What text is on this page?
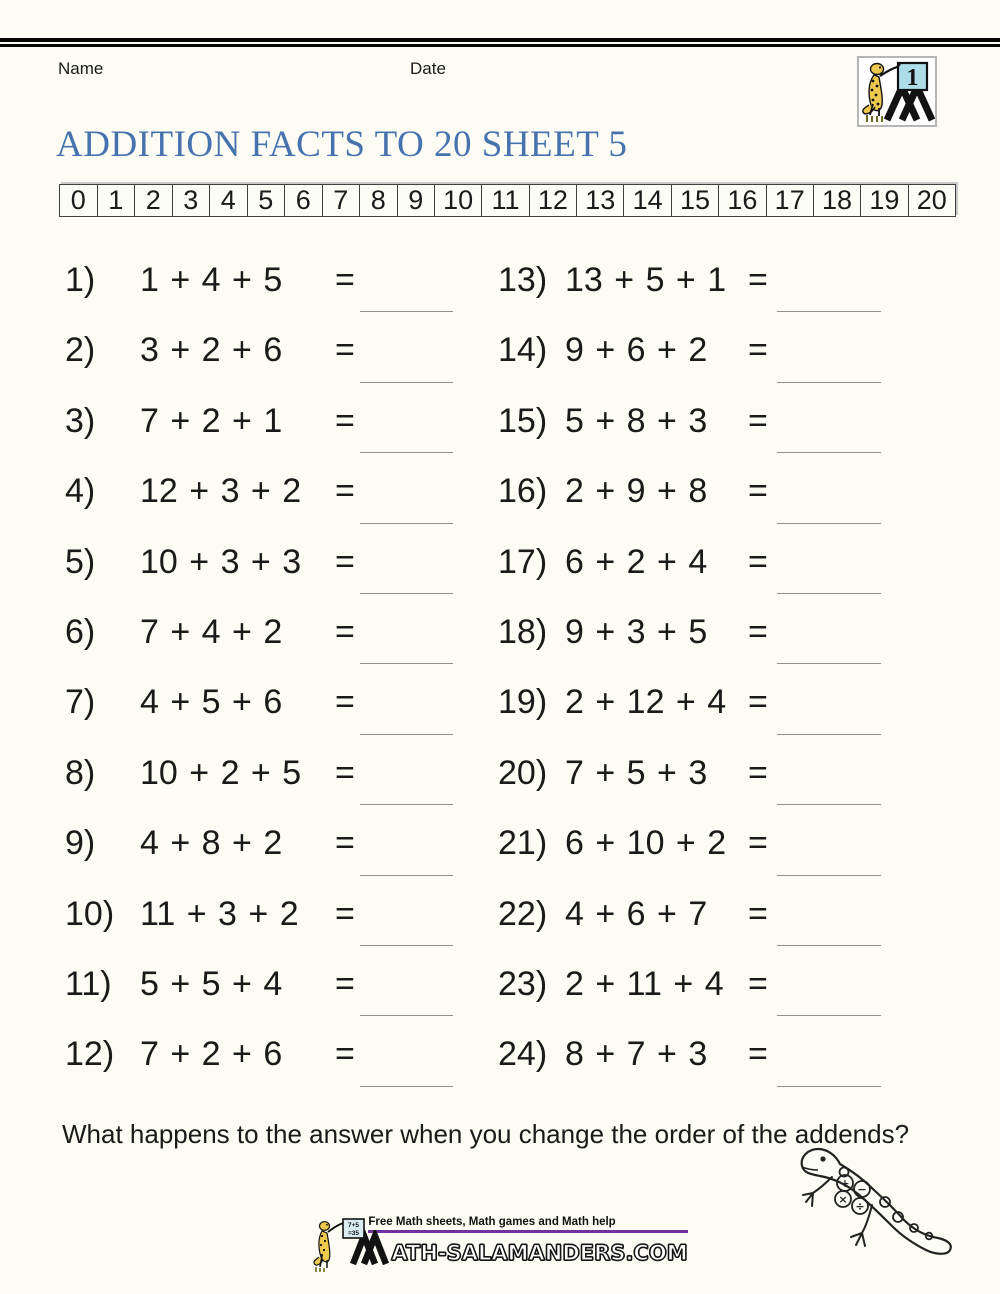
Name	Date	1
ADDITION FACTS TO 20 SHEET 5
0 1 2 3 4 5 6 7 8 9 10 11 12 13 14 15 16 17 18 19 20
1) 1 + 4 + 5 =	13) 13 + 5 + 1 =
2) 3 + 2 + 6 =	14) 9 + 6 + 2 =
3) 7 + 2 + 1 =	15) 5 + 8 + 3 =
4) 12 + 3 + 2 =	16) 2 + 9 + 8 =
5) 10 + 3 + 3 =	17) 6 + 2 + 4 =
6) 7 + 4 + 2 =	18) 9 + 3 + 5 =
7) 4 + 5 + 6 =	19) 2 + 12 + 4 =
8) 10 + 2 + 5 =	20) 7 + 5 + 3 =
9) 4 + 8 + 2 =	21) 6 + 10 + 2 =
10) 11 + 3 + 2 =	22) 4 + 6 + 7 =
11) 5 + 5 + 4 =	23) 2 + 11 + 4 =
12) 7 + 2 + 6 =	24) 8 + 7 + 3 =
What happens to the answer when you change the order of the addends?
+ −
×
÷
7+5
=35
Free Math sheets, Math games and Math help
ATH-SALAMANDERS.COM
